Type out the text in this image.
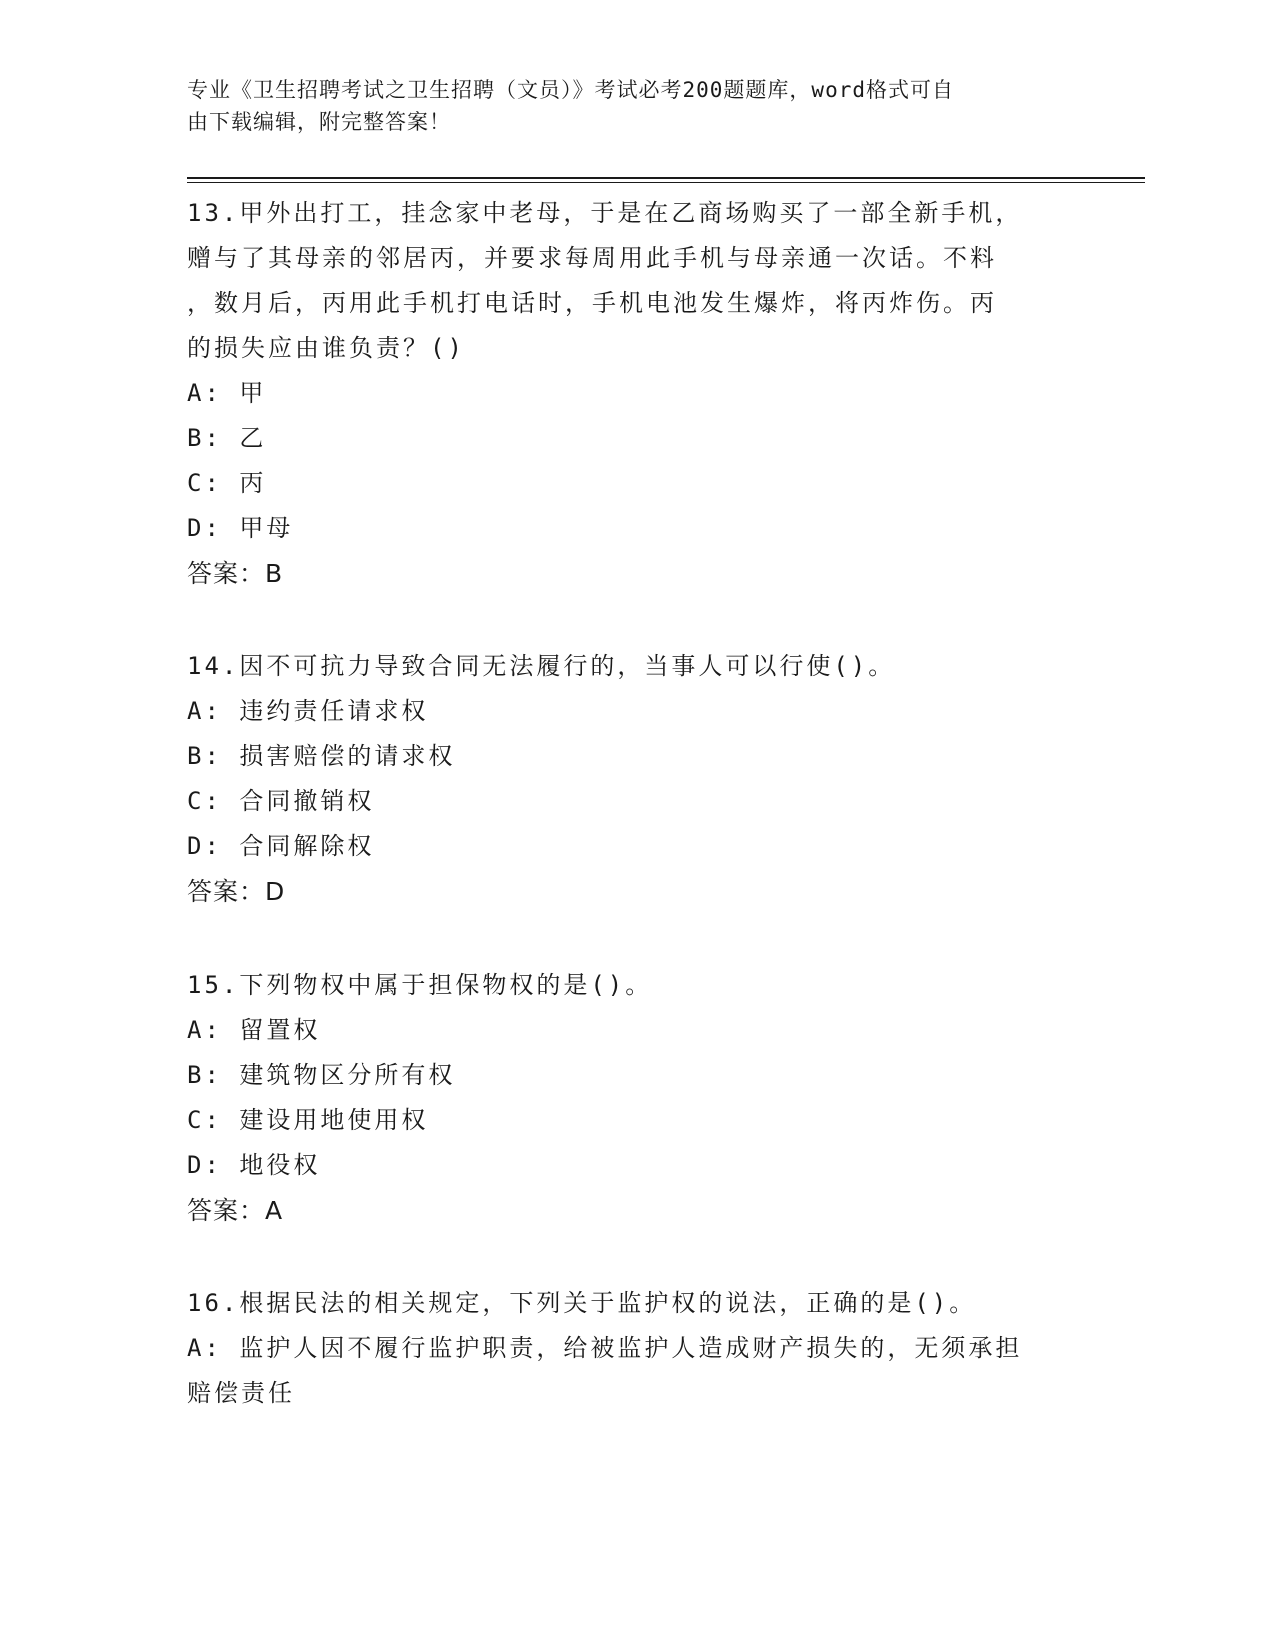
专业《卫生招聘考试之卫生招聘（文员）》考试必考200题题库，word格式可自
由下载编辑，附完整答案！
13.甲外出打工，挂念家中老母，于是在乙商场购买了一部全新手机，
赠与了其母亲的邻居丙，并要求每周用此手机与母亲通一次话。不料
，数月后，丙用此手机打电话时，手机电池发生爆炸，将丙炸伤。丙
的损失应由谁负责？()
A: 甲
B: 乙
C: 丙
D: 甲母
答案：B
14.因不可抗力导致合同无法履行的，当事人可以行使()。
A: 违约责任请求权
B: 损害赔偿的请求权
C: 合同撤销权
D: 合同解除权
答案：D
15.下列物权中属于担保物权的是()。
A: 留置权
B: 建筑物区分所有权
C: 建设用地使用权
D: 地役权
答案：A
16.根据民法的相关规定，下列关于监护权的说法，正确的是()。
A: 监护人因不履行监护职责，给被监护人造成财产损失的，无须承担
赔偿责任
